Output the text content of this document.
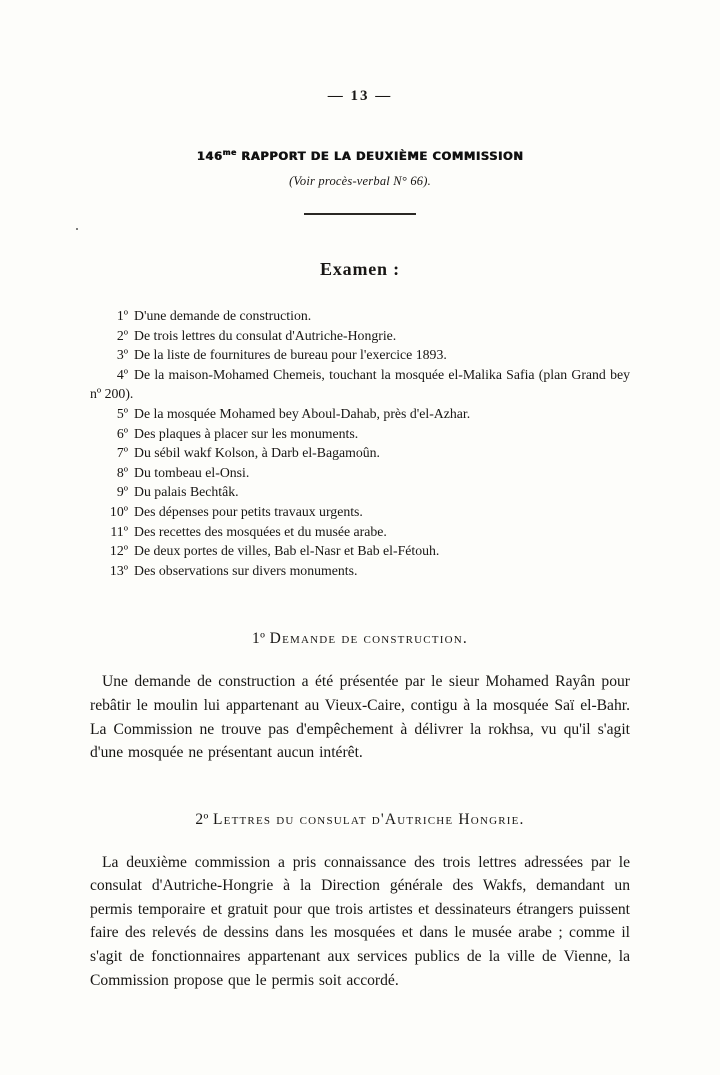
— 13 —
$146^{me}$ RAPPORT DE LA DEUXIÈME COMMISSION
(Voir procès-verbal N° 66).
Examen :
1º D'une demande de construction.
2º De trois lettres du consulat d'Autriche-Hongrie.
3º De la liste de fournitures de bureau pour l'exercice 1893.
4º De la maison-Mohamed Chemeis, touchant la mosquée el-Malika Safia (plan Grand bey nº 200).
5º De la mosquée Mohamed bey Aboul-Dahab, près d'el-Azhar.
6º Des plaques à placer sur les monuments.
7º Du sébil wakf Kolson, à Darb el-Bagamoûn.
8º Du tombeau el-Onsi.
9º Du palais Bechtâk.
10º Des dépenses pour petits travaux urgents.
11º Des recettes des mosquées et du musée arabe.
12º De deux portes de villes, Bab el-Nasr et Bab el-Fétouh.
13º Des observations sur divers monuments.
1º Demande de construction.
Une demande de construction a été présentée par le sieur Mohamed Rayân pour rebâtir le moulin lui appartenant au Vieux-Caire, contigu à la mosquée Saï el-Bahr. La Commission ne trouve pas d'empêchement à délivrer la rokhsa, vu qu'il s'agit d'une mosquée ne présentant aucun intérêt.
2º Lettres du consulat d'Autriche Hongrie.
La deuxième commission a pris connaissance des trois lettres adressées par le consulat d'Autriche-Hongrie à la Direction générale des Wakfs, demandant un permis temporaire et gratuit pour que trois artistes et dessinateurs étrangers puissent faire des relevés de dessins dans les mosquées et dans le musée arabe ; comme il s'agit de fonctionnaires appartenant aux services publics de la ville de Vienne, la Commission propose que le permis soit accordé.
